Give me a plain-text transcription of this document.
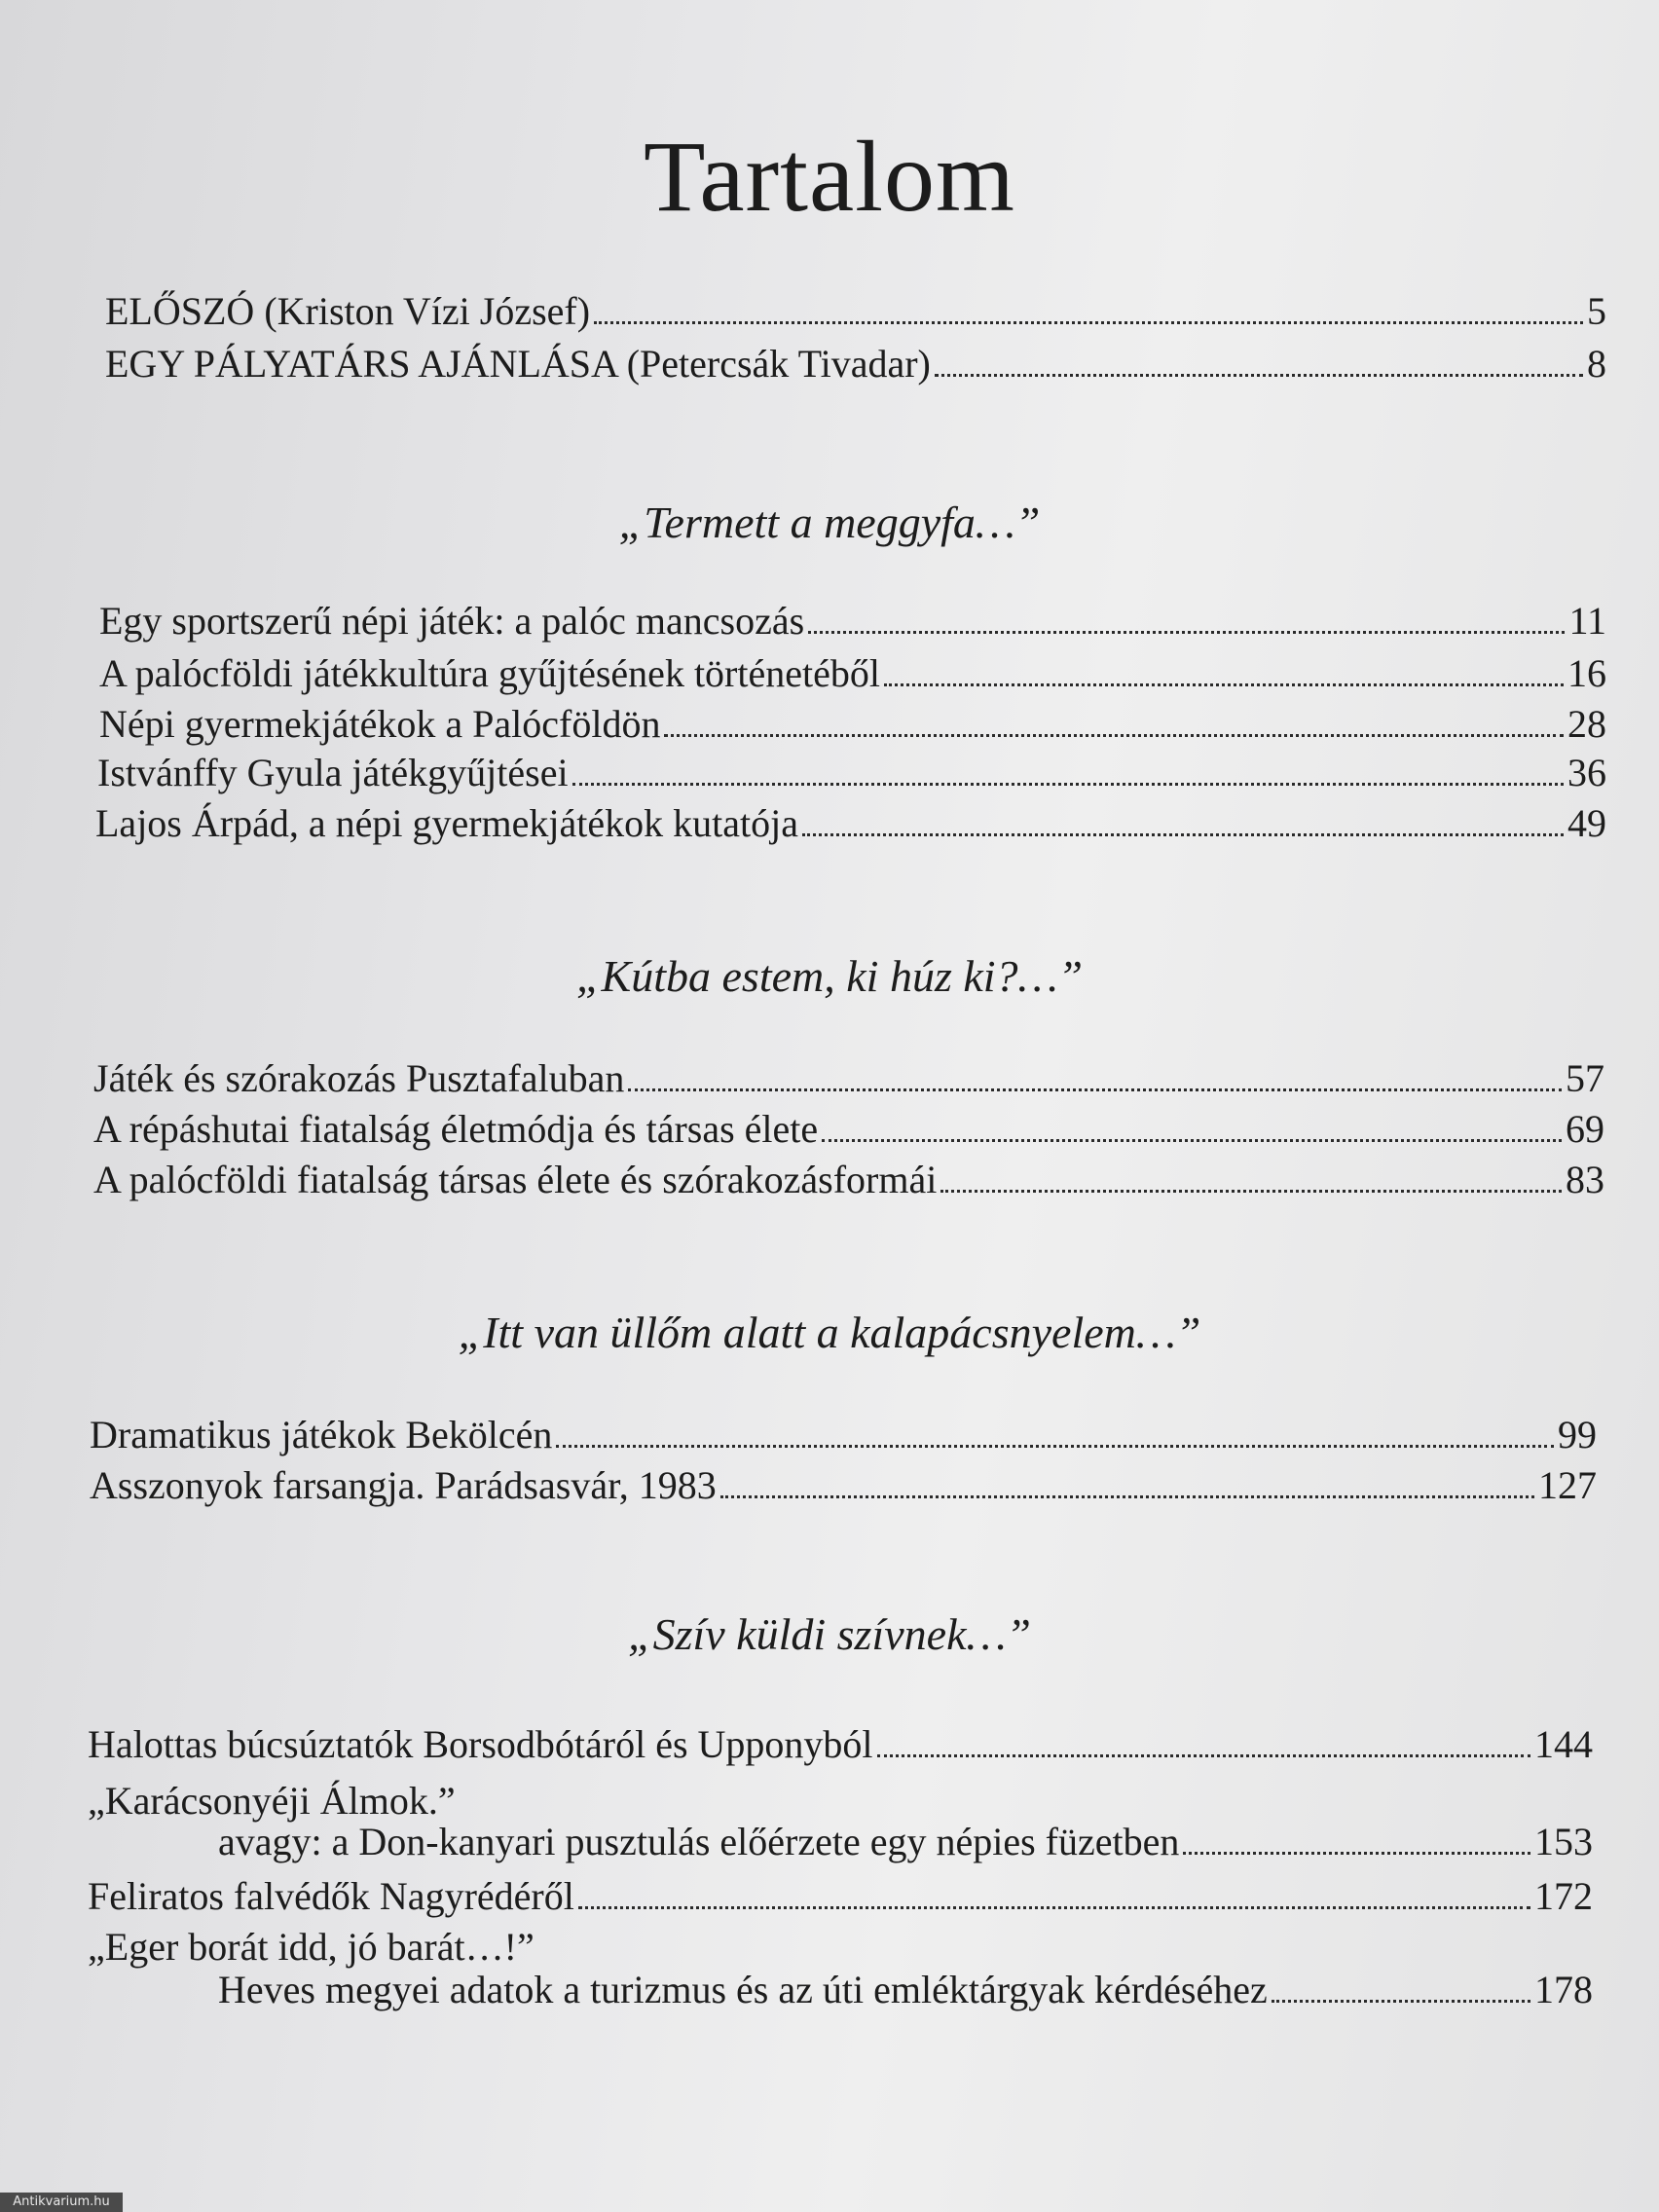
Tartalom
ELŐSZÓ (Kriston Vízi József)	5
EGY PÁLYATÁRS AJÁNLÁSA (Petercsák Tivadar)	8
„Termett a meggyfa…”
Egy sportszerű népi játék: a palóc mancsozás	11
A palócföldi játékkultúra gyűjtésének történetéből	16
Népi gyermekjátékok a Palócföldön	28
Istvánffy Gyula játékgyűjtései	36
Lajos Árpád, a népi gyermekjátékok kutatója	49
„Kútba estem, ki húz ki?…”
Játék és szórakozás Pusztafaluban	57
A répáshutai fiatalság életmódja és társas élete	69
A palócföldi fiatalság társas élete és szórakozásformái	83
„Itt van üllőm alatt a kalapácsnyelem…”
Dramatikus játékok Bekölcén	99
Asszonyok farsangja. Parádsasvár, 1983	127
„Szív küldi szívnek…”
Halottas búcsúztatók Borsodbótáról és Upponyból	144
„Karácsonyéji Álmok.”
avagy: a Don-kanyari pusztulás előérzete egy népies füzetben	153
Feliratos falvédők Nagyrédéről	172
„Eger borát idd, jó barát…!”
Heves megyei adatok a turizmus és az úti emléktárgyak kérdéséhez	178
Antikvarium.hu
